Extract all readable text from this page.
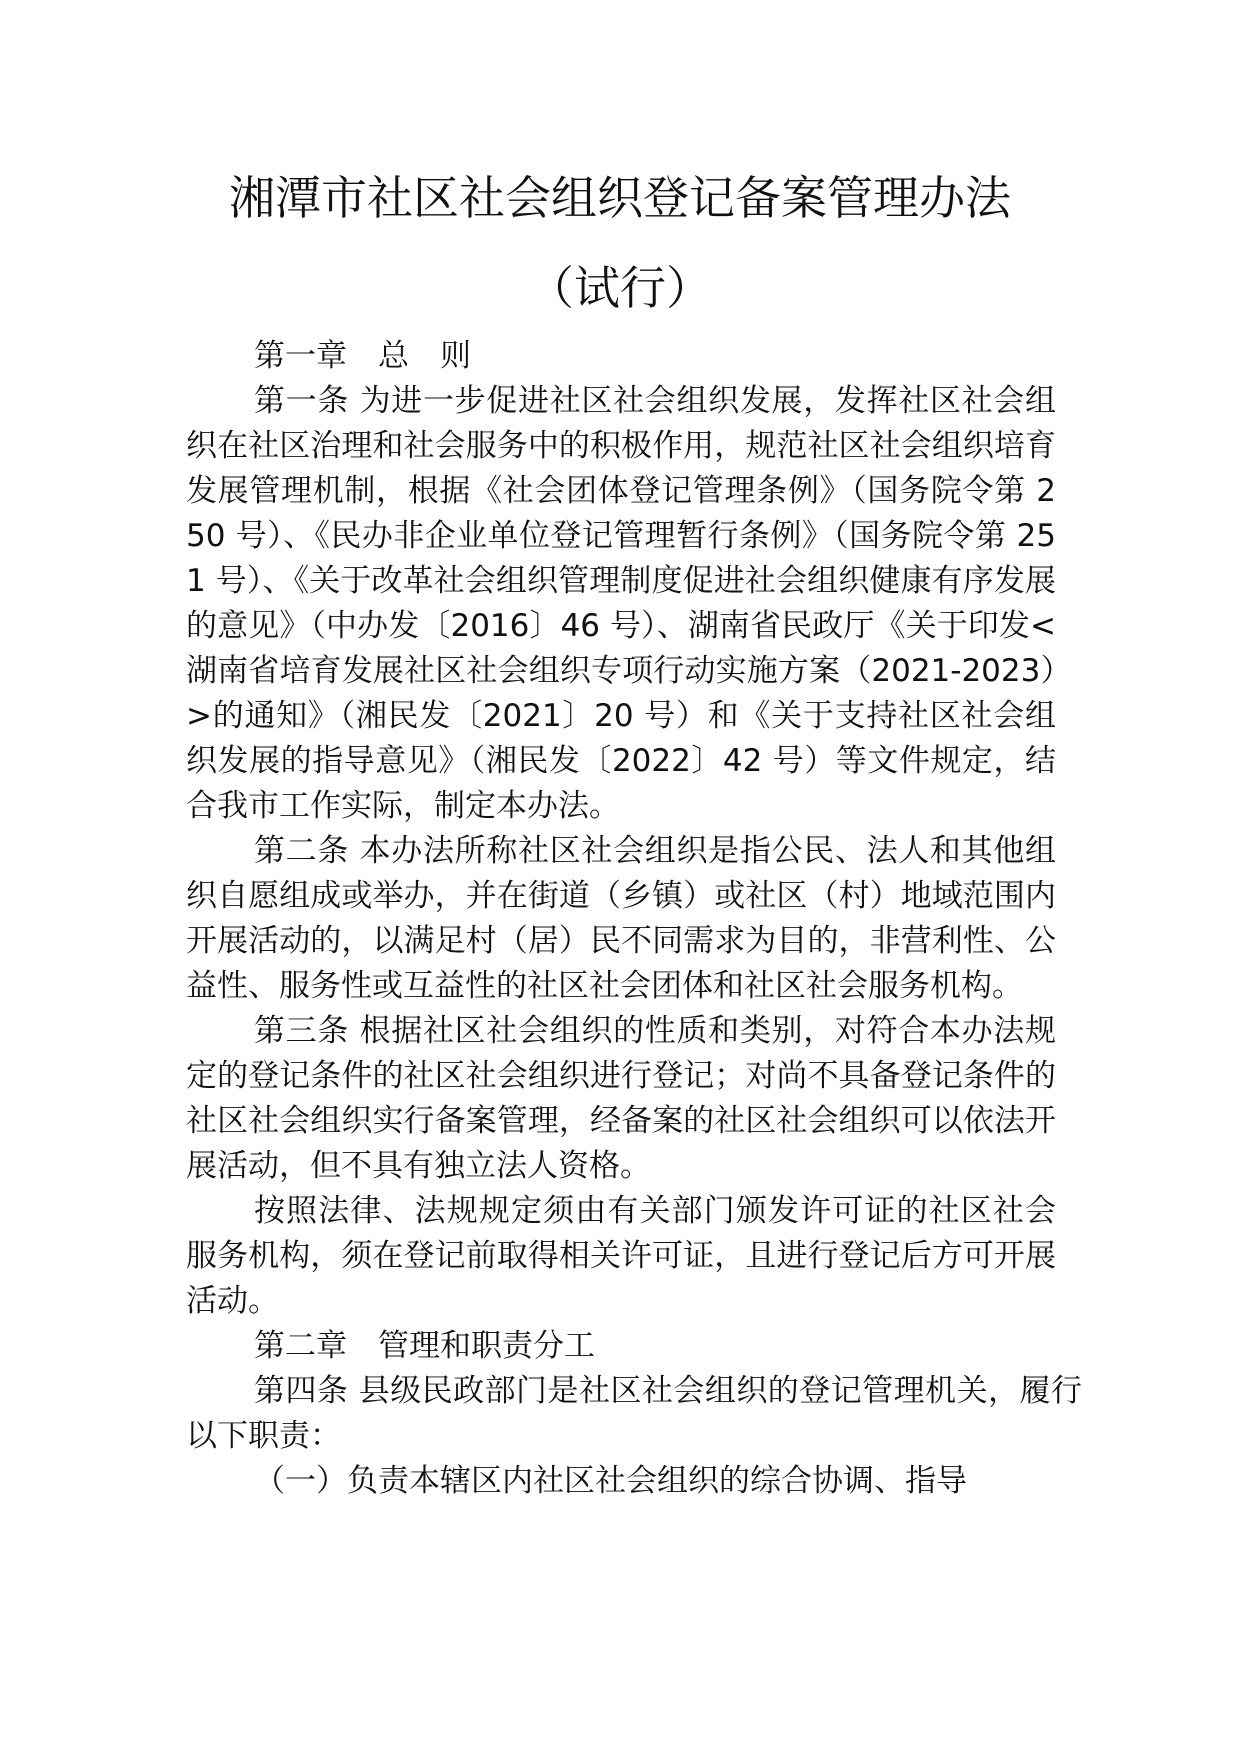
湘潭市社区社会组织登记备案管理办法
（试行）

第一章　总　则

第一条 为进一步促进社区社会组织发展，发挥社区社会组织在社区治理和社会服务中的积极作用，规范社区社会组织培育发展管理机制，根据《社会团体登记管理条例》（国务院令第 250 号）、《民办非企业单位登记管理暂行条例》（国务院令第 251 号）、《关于改革社会组织管理制度促进社会组织健康有序发展的意见》（中办发〔2016〕46 号）、湖南省民政厅《关于印发<湖南省培育发展社区社会组织专项行动实施方案（2021-2023）>的通知》（湘民发〔2021〕20 号）和《关于支持社区社会组织发展的指导意见》（湘民发〔2022〕42 号）等文件规定，结合我市工作实际，制定本办法。

第二条 本办法所称社区社会组织是指公民、法人和其他组织自愿组成或举办，并在街道（乡镇）或社区（村）地域范围内开展活动的，以满足村（居）民不同需求为目的，非营利性、公益性、服务性或互益性的社区社会团体和社区社会服务机构。

第三条 根据社区社会组织的性质和类别，对符合本办法规定的登记条件的社区社会组织进行登记；对尚不具备登记条件的社区社会组织实行备案管理，经备案的社区社会组织可以依法开展活动，但不具有独立法人资格。

按照法律、法规规定须由有关部门颁发许可证的社区社会服务机构，须在登记前取得相关许可证，且进行登记后方可开展活动。

第二章　管理和职责分工

第四条 县级民政部门是社区社会组织的登记管理机关，履行以下职责：

（一）负责本辖区内社区社会组织的综合协调、指导
